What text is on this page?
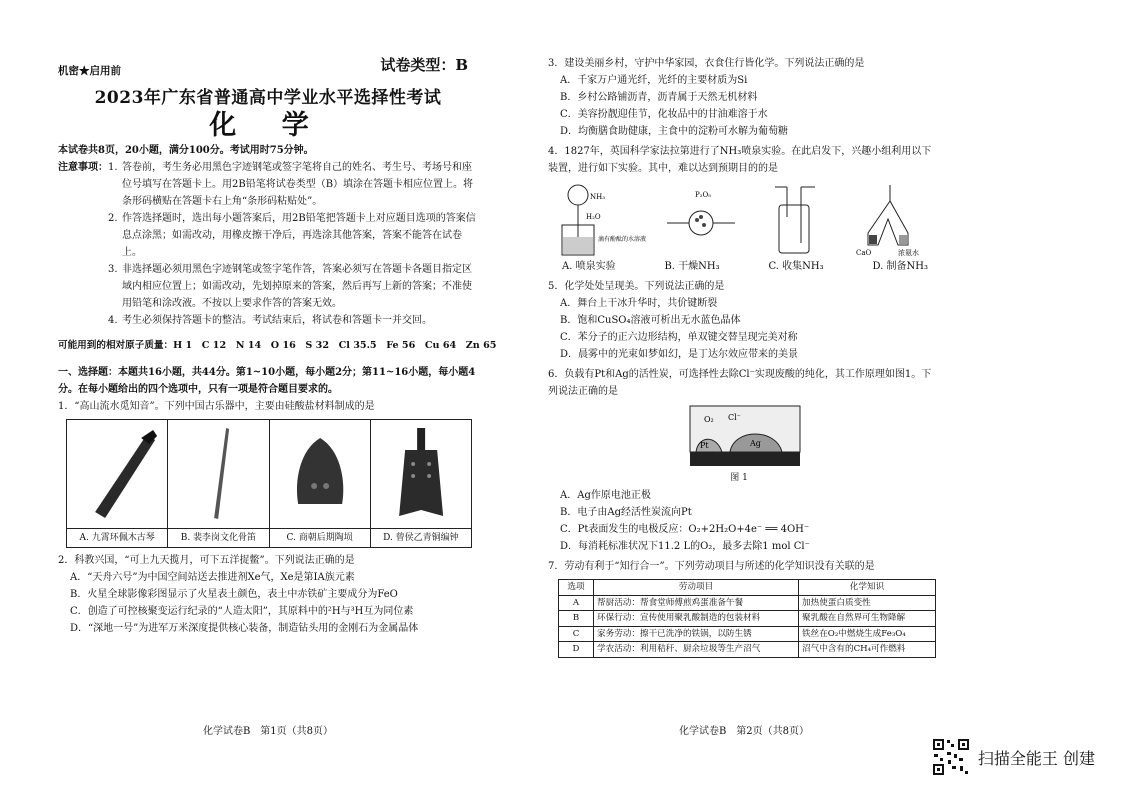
机密★启用前	试卷类型：B
2023年广东省普通高中学业水平选择性考试
化 学
本试卷共8页，20小题，满分100分。考试用时75分钟。
注意事项： 1. 答卷前，考生务必用黑色字迹钢笔或签字笔将自己的姓名、考生号、考场号和座位号填写在答题卡上。用2B铅笔将试卷类型（B）填涂在答题卡相应位置上。将条形码横贴在答题卡右上角“条形码粘贴处”。
2. 作答选择题时，选出每小题答案后，用2B铅笔把答题卡上对应题目选项的答案信息点涂黑；如需改动，用橡皮擦干净后，再选涂其他答案，答案不能答在试卷上。
3. 非选择题必须用黑色字迹钢笔或签字笔作答，答案必须写在答题卡各题目指定区域内相应位置上；如需改动，先划掉原来的答案，然后再写上新的答案；不准使用铅笔和涂改液。不按以上要求作答的答案无效。
4. 考生必须保持答题卡的整洁。考试结束后，将试卷和答题卡一并交回。
可能用到的相对原子质量：H 1　C 12　N 14　O 16　S 32　Cl 35.5　Fe 56　Cu 64　Zn 65
一、选择题：本题共16小题，共44分。第1~10小题，每小题2分；第11~16小题，每小题4分。在每小题给出的四个选项中，只有一项是符合题目要求的。
1．“高山流水觅知音”。下列中国古乐器中，主要由硅酸盐材料制成的是
A. 九霄环佩木古琴	B. 裴李岗文化骨笛	C. 商朝后期陶埙	D. 曾侯乙青铜编钟
2．科教兴国，“可上九天揽月，可下五洋捉鳖”。下列说法正确的是
A．“天舟六号”为中国空间站送去推进剂Xe气，Xe是第ⅠA族元素
B．火星全球影像彩图显示了火星表土颜色，表土中赤铁矿主要成分为FeO
C．创造了可控核聚变运行纪录的“人造太阳”，其原料中的²H与³H互为同位素
D．“深地一号”为进军万米深度提供核心装备，制造钻头用的金刚石为金属晶体
化学试卷B　第1页（共8页）
3．建设美丽乡村，守护中华家园，衣食住行皆化学。下列说法正确的是
A．千家万户通光纤，光纤的主要材质为Si
B．乡村公路铺沥青，沥青属于天然无机材料
C．美容扮靓迎佳节，化妆品中的甘油难溶于水
D．均衡膳食助健康，主食中的淀粉可水解为葡萄糖
4．1827年，英国科学家法拉第进行了NH₃喷泉实验。在此启发下，兴趣小组利用以下装置，进行如下实验。其中，难以达到预期目的的是
NH₃
H₂O
滴有酚酞的水溶液
P₂O₅
CaO	浓氨水
A. 喷泉实验	B. 干燥NH₃	C. 收集NH₃	D. 制备NH₃
5．化学处处呈现美。下列说法正确的是
A．舞台上干冰升华时，共价键断裂
B．饱和CuSO₄溶液可析出无水蓝色晶体
C．苯分子的正六边形结构，单双键交替呈现完美对称
D．晨雾中的光束如梦如幻，是丁达尔效应带来的美景
6．负载有Pt和Ag的活性炭，可选择性去除Cl⁻实现废酸的纯化，其工作原理如图1。下列说法正确的是
O₂ Cl⁻
Pt	Ag
图 1
A．Ag作原电池正极
B．电子由Ag经活性炭流向Pt
C．Pt表面发生的电极反应：O₂+2H₂O+4e⁻ ══ 4OH⁻
D．每消耗标准状况下11.2 L的O₂，最多去除1 mol Cl⁻
7．劳动有利于“知行合一”。下列劳动项目与所述的化学知识没有关联的是
选项	劳动项目	化学知识
A	帮厨活动：帮食堂师傅煎鸡蛋准备午餐	加热使蛋白质变性
B	环保行动：宣传使用聚乳酸制造的包装材料	聚乳酸在自然界可生物降解
C	家务劳动：擦干已洗净的铁锅，以防生锈	铁丝在O₂中燃烧生成Fe₃O₄
D	学农活动：利用秸秆、厨余垃圾等生产沼气	沼气中含有的CH₄可作燃料
化学试卷B　第2页（共8页）
扫描全能王 创建
